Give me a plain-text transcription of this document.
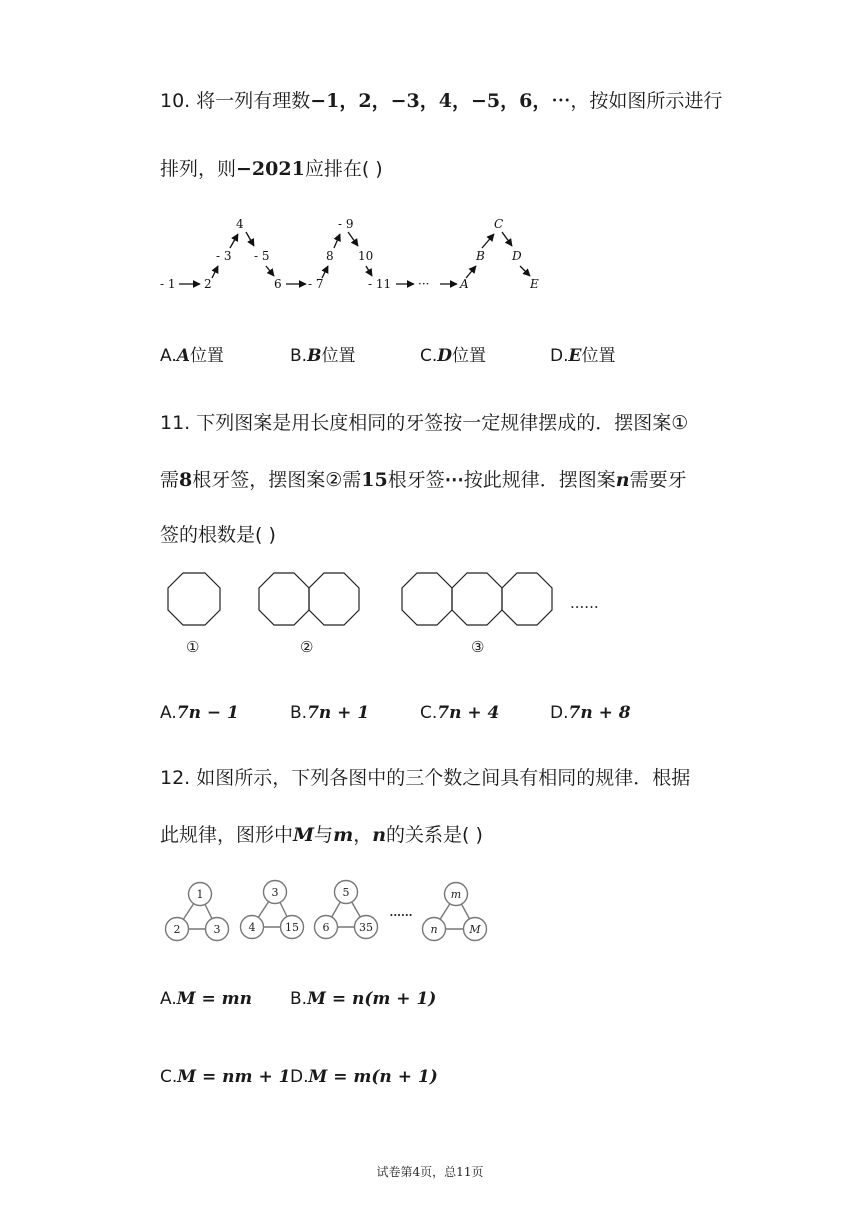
10. 将一列有理数−1，2，−3，4，−5，6，⋯，按如图所示进行
排列，则−2021应排在( )
- 1 2
- 3
4
- 5
6 - 7
8
- 9
10
- 11 ···	A
B
C
D
E
A.A位置	B.B位置	C.D位置	D.E位置
11. 下列图案是用长度相同的牙签按一定规律摆成的．摆图案①
需8根牙签，摆图案②需15根牙签⋯按此规律．摆图案n需要牙
签的根数是( )
①	②	③
......
A.7n − 1	B.7n + 1	C.7n + 4	D.7n + 8
12. 如图所示，下列各图中的三个数之间具有相同的规律．根据
此规律，图形中M与m，n的关系是( )
1
2	3
3
4	15
5
6	35
......
m
n	M
A.M = mn B.M = n(m + 1)
C.M = nm + 1 D.M = m(n + 1)
试卷第4页，总11页
